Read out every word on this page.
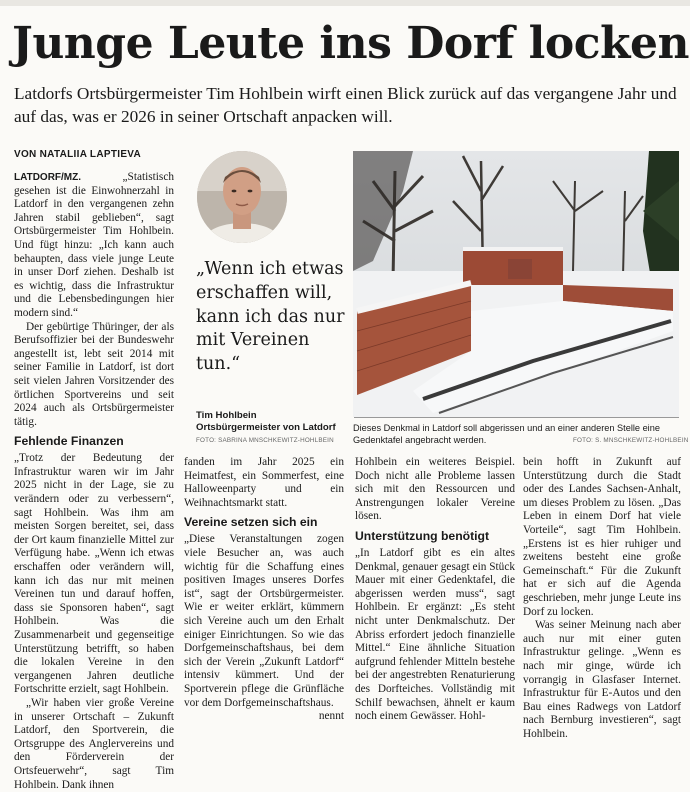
Junge Leute ins Dorf locken

Latdorfs Ortsbürgermeister Tim Hohlbein wirft einen Blick zurück auf das vergangene Jahr und auf das, was er 2026 in seiner Ortschaft anpacken will.

VON NATALIIA LAPTIEVA

LATDORF/MZ.	„Statistisch gesehen ist die Einwohnerzahl in Latdorf in den vergangenen zehn Jahren stabil geblieben“, sagt Ortsbürgermeister Tim Hohlbein. Und fügt hinzu: „Ich kann auch behaupten, dass viele junge Leute in unser Dorf ziehen. Deshalb ist es wichtig, dass die Infrastruktur und die Lebensbedingungen hier modern sind.“

Der gebürtige Thüringer, der als Berufsoffizier bei der Bundeswehr angestellt ist, lebt seit 2014 mit seiner Familie in Latdorf, ist dort seit vielen Jahren Vorsitzender des örtlichen Sportvereins und seit 2024 auch als Ortsbürgermeister tätig.

Fehlende Finanzen

„Trotz der Bedeutung der Infrastruktur waren wir im Jahr 2025 nicht in der Lage, sie zu verändern oder zu verbessern“, sagt Hohlbein. Was ihm am meisten Sorgen bereitet, sei, dass der Ort kaum finanzielle Mittel zur Verfügung habe. „Wenn ich etwas erschaffen oder verändern will, kann ich das nur mit meinen Vereinen tun und darauf hoffen, dass sie Sponsoren haben“, sagt Hohlbein. Was die Zusammenarbeit und gegenseitige Unterstützung betrifft, so haben die lokalen Vereine in den vergangenen Jahren deutliche Fortschritte erzielt, sagt Hohlbein.

„Wir haben vier große Vereine in unserer Ortschaft – Zukunft Latdorf, den Sportverein, die Ortsgruppe des Anglervereins und den Förderverein der Ortsfeuerwehr“, sagt Tim Hohlbein. Dank ihnen

„Wenn ich etwas erschaffen will, kann ich das nur mit Vereinen tun.“

Tim Hohlbein
Ortsbürgermeister von Latdorf
FOTO: SABRINA MNSCHKEWITZ-HOHLBEIN
Dieses Denkmal in Latdorf soll abgerissen und an einer anderen Stelle eine Gedenktafel angebracht werden.	FOTO: S. MNSCHKEWITZ-HOHLBEIN

fanden im Jahr 2025 ein Heimatfest, ein Sommerfest, eine Halloweenparty und ein Weihnachtsmarkt statt.

Vereine setzen sich ein

„Diese Veranstaltungen zogen viele Besucher an, was auch wichtig für die Schaffung eines positiven Images unseres Dorfes ist“, sagt der Ortsbürgermeister. Wie er weiter erklärt, kümmern sich Vereine auch um den Erhalt einiger Einrichtungen. So wie das Dorfgemeinschaftshaus, bei dem sich der Verein „Zukunft Latdorf“ intensiv kümmert. Und der Sportverein pflege die Grünfläche vor dem Dorfgemeinschaftshaus.

nennt

Hohlbein ein weiteres Beispiel. Doch nicht alle Probleme lassen sich mit den Ressourcen und Anstrengungen lokaler Vereine lösen.

Unterstützung benötigt

„In Latdorf gibt es ein altes Denkmal, genauer gesagt ein Stück Mauer mit einer Gedenktafel, die abgerissen werden muss“, sagt Hohlbein. Er ergänzt: „Es steht nicht unter Denkmalschutz. Der Abriss erfordert jedoch finanzielle Mittel.“ Eine ähnliche Situation aufgrund fehlender Mitteln bestehe bei der angestrebten Renaturierung des Dorfteiches. Vollständig mit Schilf bewachsen, ähnelt er kaum noch einem Gewässer. Hohl-

bein hofft in Zukunft auf Unterstützung durch die Stadt oder des Landes Sachsen-Anhalt, um dieses Problem zu lösen. „Das Leben in einem Dorf hat viele Vorteile“, sagt Tim Hohlbein. „Erstens ist es hier ruhiger und zweitens besteht eine große Gemeinschaft.“ Für die Zukunft hat er sich auf die Agenda geschrieben, mehr junge Leute ins Dorf zu locken.

Was seiner Meinung nach aber auch nur mit einer guten Infrastruktur gelinge. „Wenn es nach mir ginge, würde ich vorrangig in Glasfaser Internet. Infrastruktur für E-Autos und den Bau eines Radwegs von Latdorf nach Bernburg investieren“, sagt Hohlbein.
